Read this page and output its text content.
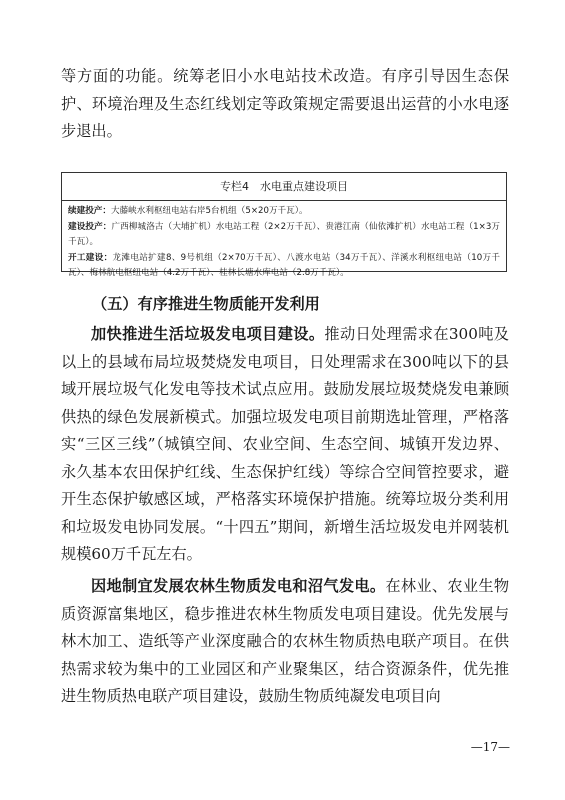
等方面的功能。统筹老旧小水电站技术改造。有序引导因生态保护、环境治理及生态红线划定等政策规定需要退出运营的小水电逐步退出。
专栏4　水电重点建设项目
续建投产：大藤峡水利枢纽电站右岸5台机组（5×20万千瓦）。
建设投产：广西柳城洛古（大埔扩机）水电站工程（2×2万千瓦）、贵港江南（仙依滩扩机）水电站工程（1×3万千瓦）。
开工建设：龙滩电站扩建8、9号机组（2×70万千瓦）、八渡水电站（34万千瓦）、洋溪水利枢纽电站（10万千瓦）、梅林航电枢纽电站（4.2万千瓦）、桂林长塘水库电站（2.8万千瓦）。
（五）有序推进生物质能开发利用
加快推进生活垃圾发电项目建设。推动日处理需求在300吨及以上的县域布局垃圾焚烧发电项目，日处理需求在300吨以下的县域开展垃圾气化发电等技术试点应用。鼓励发展垃圾焚烧发电兼顾供热的绿色发展新模式。加强垃圾发电项目前期选址管理，严格落实“三区三线”（城镇空间、农业空间、生态空间、城镇开发边界、永久基本农田保护红线、生态保护红线）等综合空间管控要求，避开生态保护敏感区域，严格落实环境保护措施。统筹垃圾分类利用和垃圾发电协同发展。“十四五”期间，新增生活垃圾发电并网装机规模60万千瓦左右。
因地制宜发展农林生物质发电和沼气发电。在林业、农业生物质资源富集地区，稳步推进农林生物质发电项目建设。优先发展与林木加工、造纸等产业深度融合的农林生物质热电联产项目。在供热需求较为集中的工业园区和产业聚集区，结合资源条件，优先推进生物质热电联产项目建设，鼓励生物质纯凝发电项目向
—17—
